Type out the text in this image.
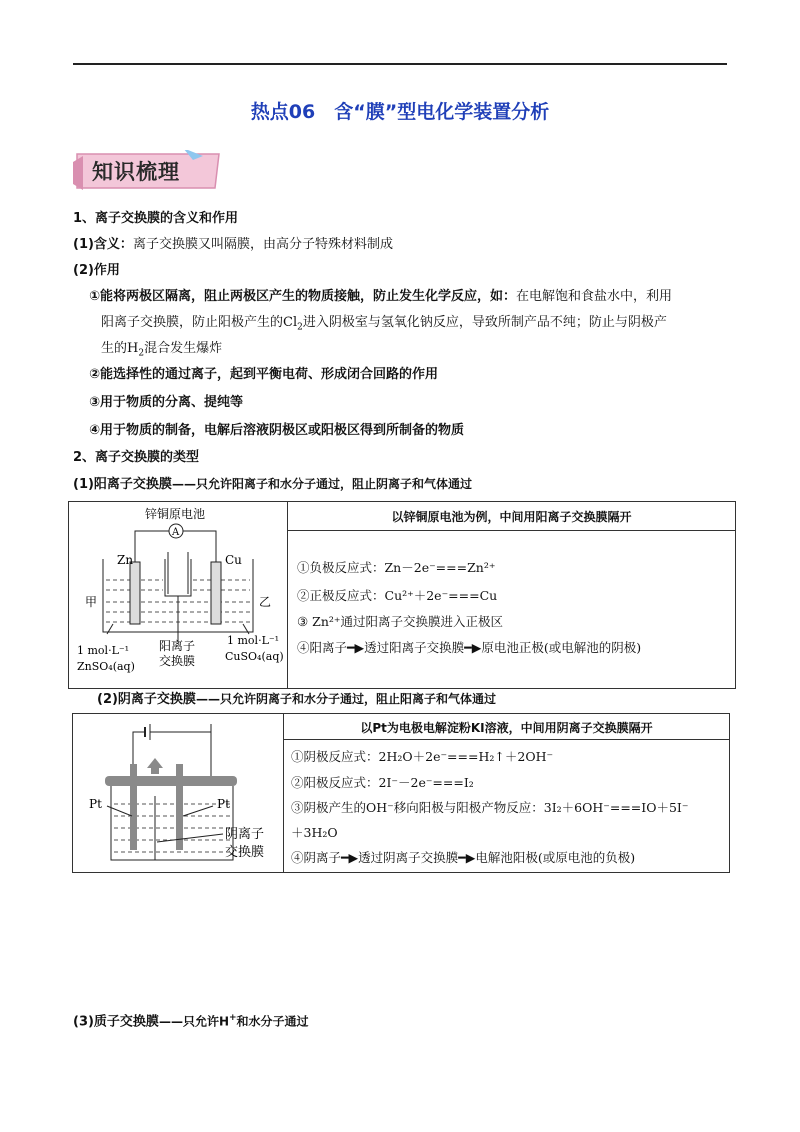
热点06　含“膜”型电化学装置分析
知识梳理
1、离子交换膜的含义和作用
(1)含义：离子交换膜又叫隔膜，由高分子特殊材料制成
(2)作用
①能将两极区隔离，阻止两极区产生的物质接触，防止发生化学反应，如：在电解饱和食盐水中，利用
阳离子交换膜，防止阳极产生的$Cl_2$进入阴极室与氢氧化钠反应，导致所制产品不纯；防止与阴极产
生的$H_2$混合发生爆炸
②能选择性的通过离子，起到平衡电荷、形成闭合回路的作用
③用于物质的分离、提纯等
④用于物质的制备，电解后溶液阴极区或阳极区得到所制备的物质
2、离子交换膜的类型
(1)阳离子交换膜——只允许阳离子和水分子通过，阻止阴离子和气体通过
以锌铜原电池为例，中间用阳离子交换膜隔开
锌铜原电池
A
Zn	Cu
甲	乙
1 mol·L⁻¹
ZnSO₄(aq)
阳离子
交换膜
1 mol·L⁻¹
CuSO₄(aq)
①负极反应式：Zn－2e⁻===Zn²⁺
②正极反应式：Cu²⁺＋2e⁻===Cu
③ Zn²⁺通过阳离子交换膜进入正极区
④阳离子━▶透过阳离子交换膜━▶原电池正极(或电解池的阴极)
(2)阴离子交换膜——只允许阴离子和水分子通过，阻止阳离子和气体通过
以Pt为电极电解淀粉KI溶液，中间用阴离子交换膜隔开
Pt	Pt
阴离子
交换膜
①阴极反应式：2H₂O＋2e⁻===H₂↑＋2OH⁻
②阳极反应式：2I⁻－2e⁻===I₂
③阴极产生的OH⁻移向阳极与阳极产物反应：3I₂＋6OH⁻===IO＋5I⁻
＋3H₂O
④阴离子━▶透过阴离子交换膜━▶电解池阳极(或原电池的负极)
(3)质子交换膜——只允许H+和水分子通过
